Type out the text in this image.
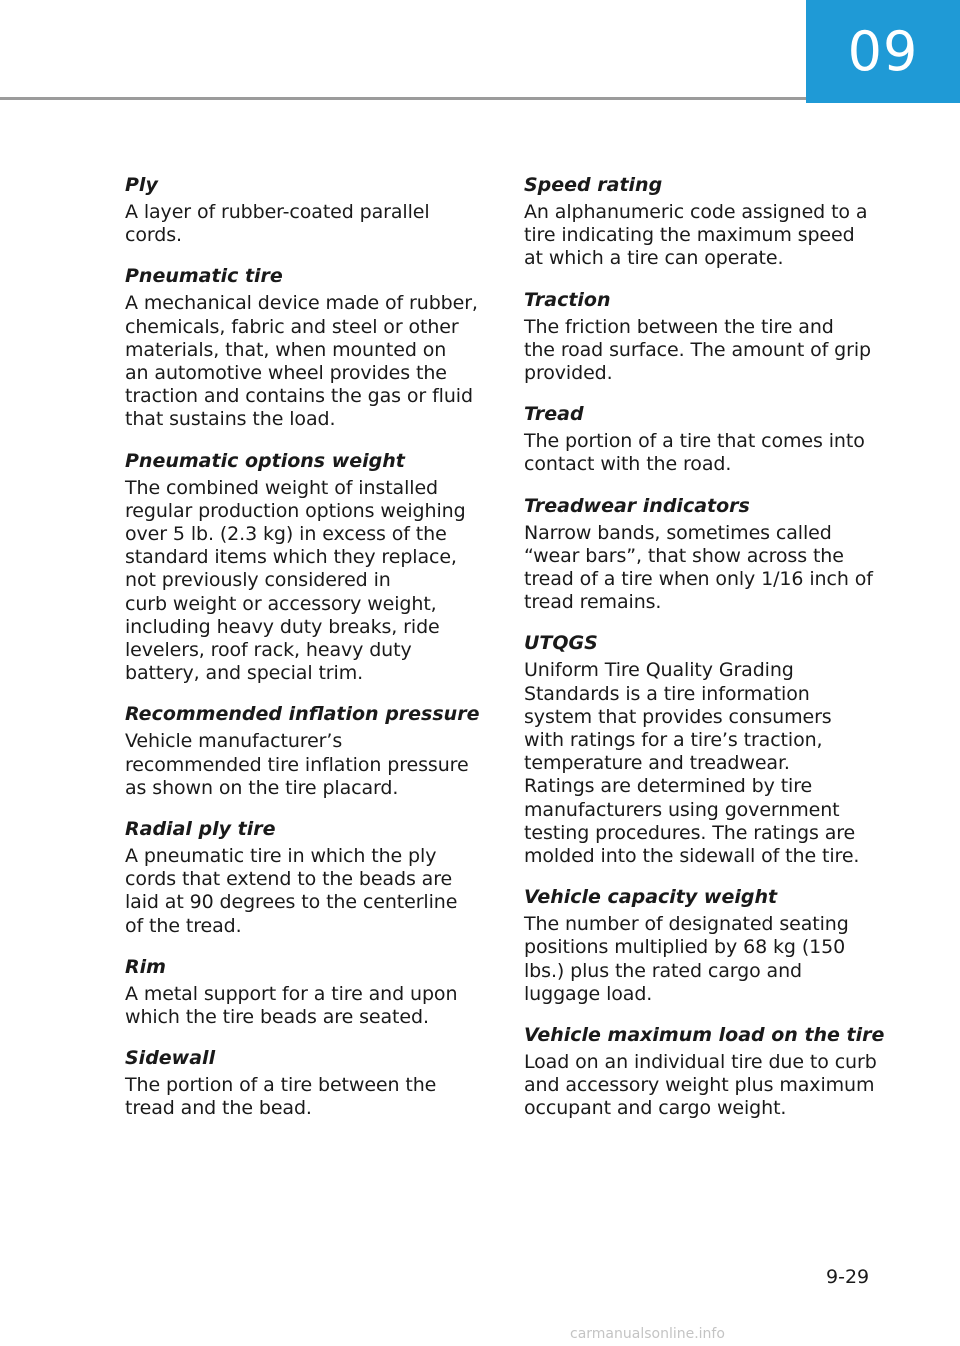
09
Ply
A layer of rubber-coated parallel
cords.
Pneumatic tire
A mechanical device made of rubber,
chemicals, fabric and steel or other
materials, that, when mounted on
an automotive wheel provides the
traction and contains the gas or fluid
that sustains the load.
Pneumatic options weight
The combined weight of installed
regular production options weighing
over 5 lb. (2.3 kg) in excess of the
standard items which they replace,
not previously considered in
curb weight or accessory weight,
including heavy duty breaks, ride
levelers, roof rack, heavy duty
battery, and special trim.
Recommended inflation pressure
Vehicle manufacturer’s
recommended tire inflation pressure
as shown on the tire placard.
Radial ply tire
A pneumatic tire in which the ply
cords that extend to the beads are
laid at 90 degrees to the centerline
of the tread.
Rim
A metal support for a tire and upon
which the tire beads are seated.
Sidewall
The portion of a tire between the
tread and the bead.
Speed rating
An alphanumeric code assigned to a
tire indicating the maximum speed
at which a tire can operate.
Traction
The friction between the tire and
the road surface. The amount of grip
provided.
Tread
The portion of a tire that comes into
contact with the road.
Treadwear indicators
Narrow bands, sometimes called
“wear bars”, that show across the
tread of a tire when only 1/16 inch of
tread remains.
UTQGS
Uniform Tire Quality Grading
Standards is a tire information
system that provides consumers
with ratings for a tire’s traction,
temperature and treadwear.
Ratings are determined by tire
manufacturers using government
testing procedures. The ratings are
molded into the sidewall of the tire.
Vehicle capacity weight
The number of designated seating
positions multiplied by 68 kg (150
lbs.) plus the rated cargo and
luggage load.
Vehicle maximum load on the tire
Load on an individual tire due to curb
and accessory weight plus maximum
occupant and cargo weight.
9-29
carmanualsonline.info
